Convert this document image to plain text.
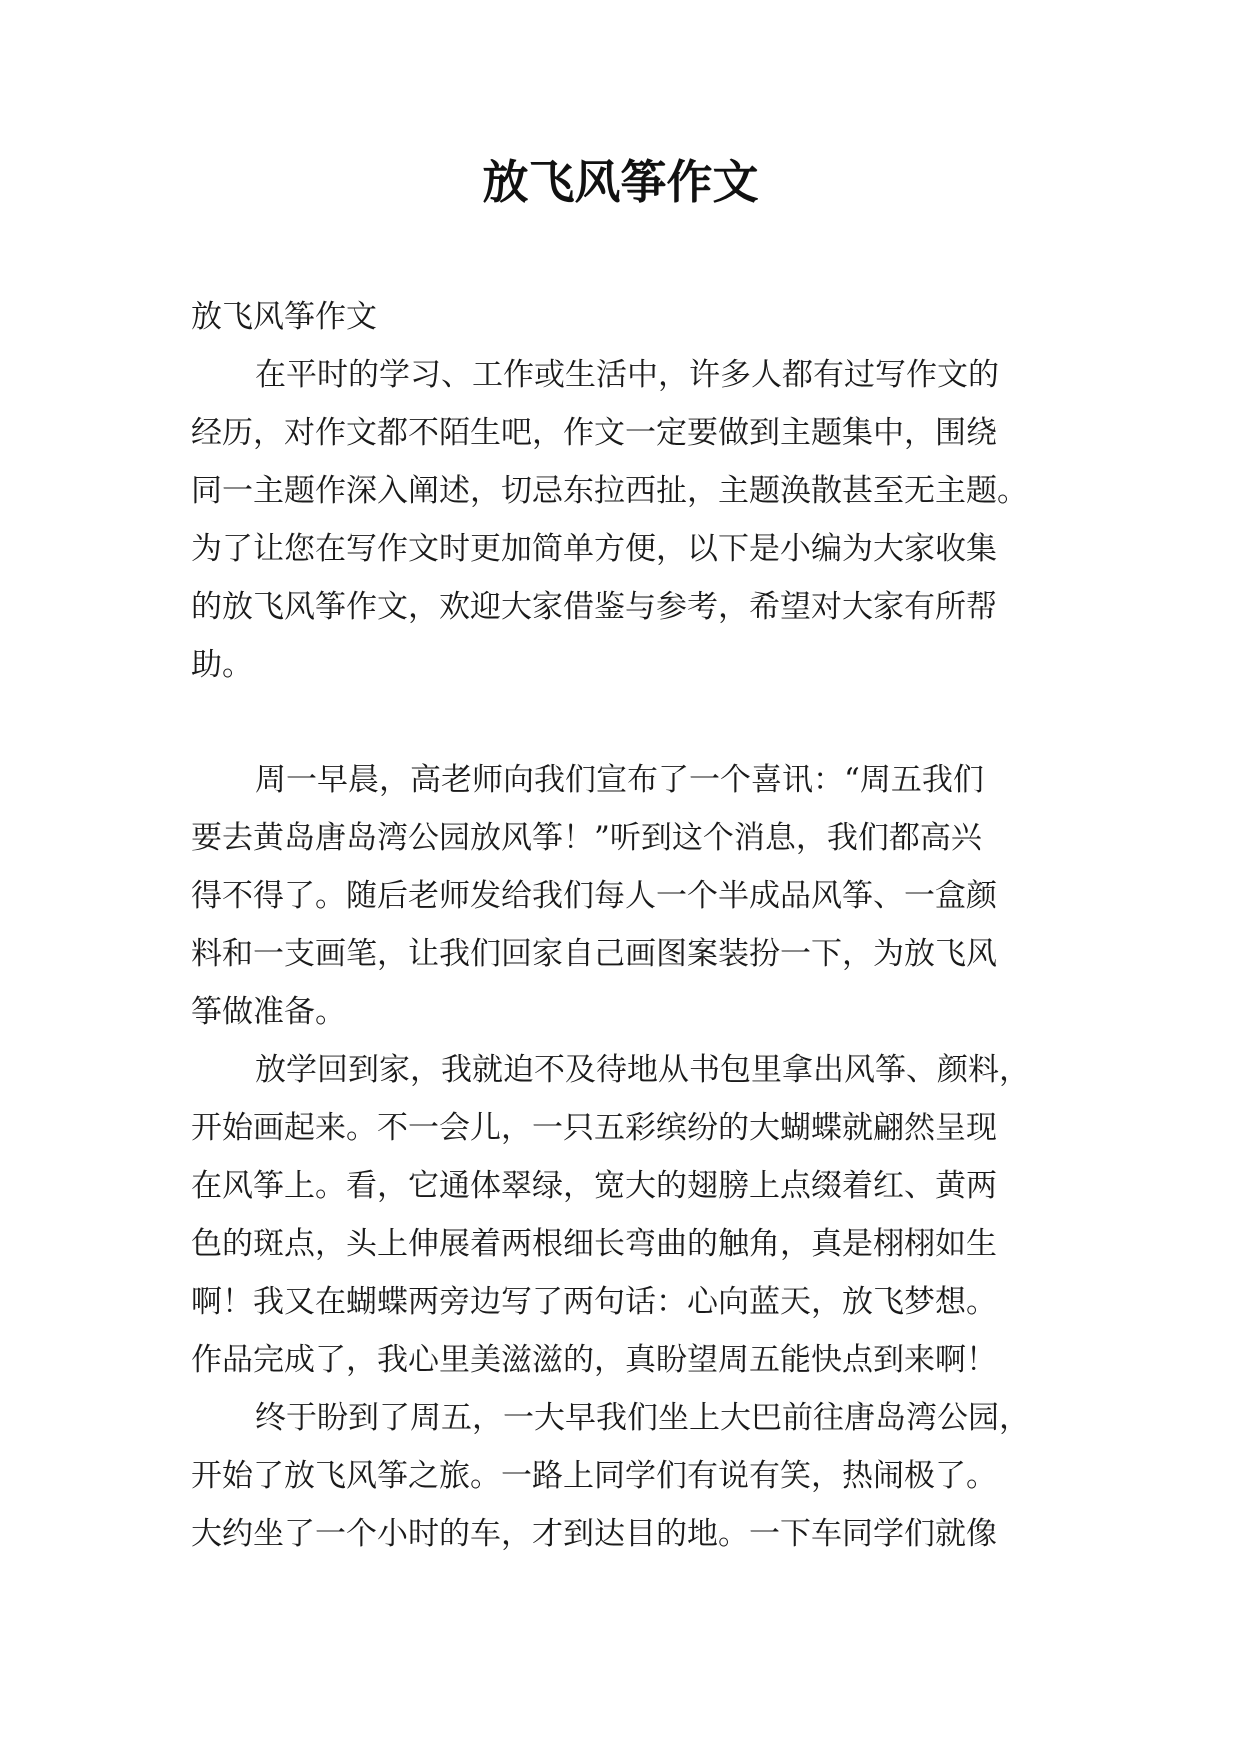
放飞风筝作文
放飞风筝作文
在平时的学习、工作或生活中，许多人都有过写作文的
经历，对作文都不陌生吧，作文一定要做到主题集中，围绕
同一主题作深入阐述，切忌东拉西扯，主题涣散甚至无主题。
为了让您在写作文时更加简单方便，以下是小编为大家收集
的放飞风筝作文，欢迎大家借鉴与参考，希望对大家有所帮
助。
周一早晨，高老师向我们宣布了一个喜讯：“周五我们
要去黄岛唐岛湾公园放风筝！”听到这个消息，我们都高兴
得不得了。随后老师发给我们每人一个半成品风筝、一盒颜
料和一支画笔，让我们回家自己画图案装扮一下，为放飞风
筝做准备。
放学回到家，我就迫不及待地从书包里拿出风筝、颜料，
开始画起来。不一会儿，一只五彩缤纷的大蝴蝶就翩然呈现
在风筝上。看，它通体翠绿，宽大的翅膀上点缀着红、黄两
色的斑点，头上伸展着两根细长弯曲的触角，真是栩栩如生
啊！我又在蝴蝶两旁边写了两句话：心向蓝天，放飞梦想。
作品完成了，我心里美滋滋的，真盼望周五能快点到来啊！
终于盼到了周五，一大早我们坐上大巴前往唐岛湾公园，
开始了放飞风筝之旅。一路上同学们有说有笑，热闹极了。
大约坐了一个小时的车，才到达目的地。一下车同学们就像
